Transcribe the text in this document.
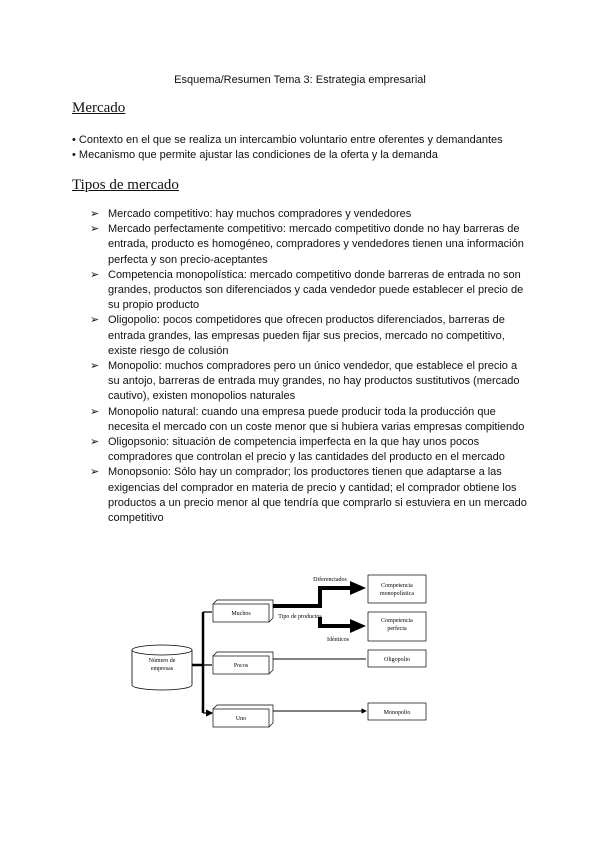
Esquema/Resumen Tema 3: Estrategia empresarial
Mercado
• Contexto en el que se realiza un intercambio voluntario entre oferentes y demandantes
• Mecanismo que permite ajustar las condiciones de la oferta y la demanda
Tipos de mercado
➢ Mercado competitivo: hay muchos compradores y vendedores
➢ Mercado perfectamente competitivo: mercado competitivo donde no hay barreras de entrada, producto es homogéneo, compradores y vendedores tienen una información perfecta y son precio-aceptantes
➢ Competencia monopolística: mercado competitivo donde barreras de entrada no son grandes, productos son diferenciados y cada vendedor puede establecer el precio de su propio producto
➢ Oligopolio: pocos competidores que ofrecen productos diferenciados, barreras de entrada grandes, las empresas pueden fijar sus precios, mercado no competitivo, existe riesgo de colusión
➢ Monopolio: muchos compradores pero un único vendedor, que establece el precio a su antojo, barreras de entrada muy grandes, no hay productos sustitutivos (mercado cautivo), existen monopolios naturales
➢ Monopolio natural: cuando una empresa puede producir toda la producción que necesita el mercado con un coste menor que si hubiera varias empresas compitiendo
➢ Oligopsonio: situación de competencia imperfecta en la que hay unos pocos compradores que controlan el precio y las cantidades del producto en el mercado
➢ Monopsonio: Sólo hay un comprador; los productores tienen que adaptarse a las exigencias del comprador en materia de precio y cantidad; el comprador obtiene los productos a un precio menor al que tendría que comprarlo si estuviera en un mercado competitivo
Número de
empresas
Muchos
Pocos
Uno
Diferenciados
Tipo de productos
Idénticos
Competencia
monopolística
Competencia
perfecta
Oligopolio
Monopolio
